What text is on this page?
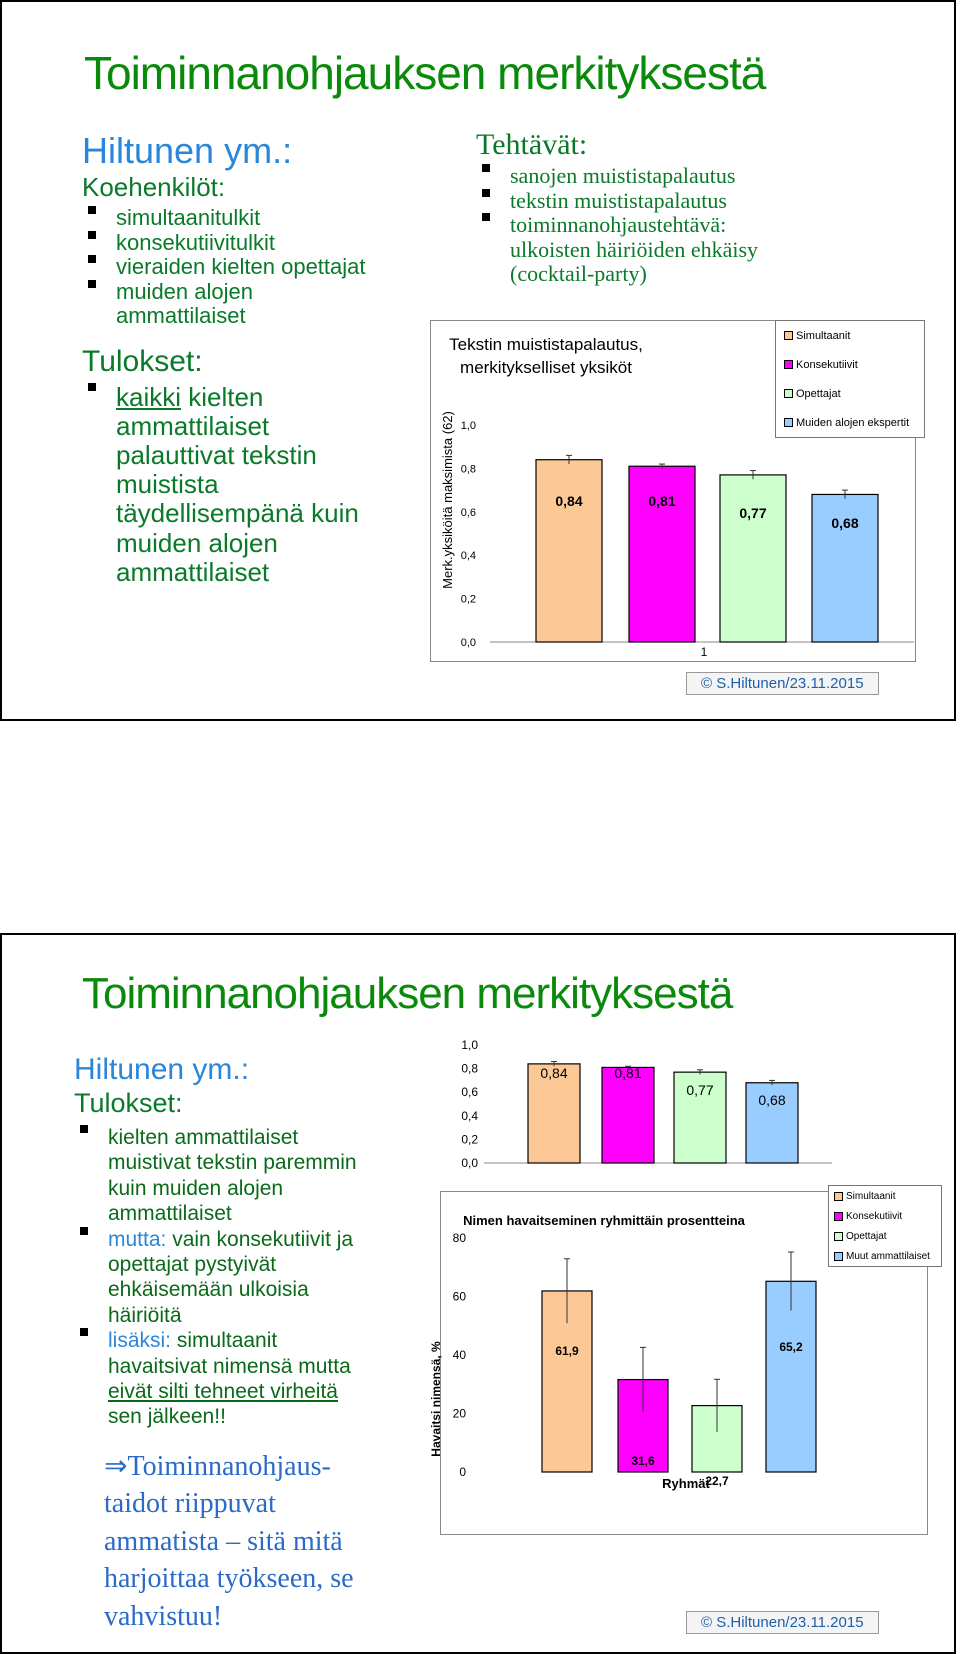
Toiminnanohjauksen merkityksestä
Hiltunen ym.:
Koehenkilöt:
simultaanitulkit
konsekutiivitulkit
vieraiden kielten opettajat
muiden alojen
ammattilaiset
Tulokset:
kaikki kielten
ammattilaiset
palauttivat tekstin
muistista
täydellisempänä kuin
muiden alojen
ammattilaiset
Tehtävät:
sanojen muististapalautus
tekstin muististapalautus
toiminnanohjaustehtävä:
ulkoisten häiriöiden ehkäisy
(cocktail-party)
Tekstin muististapalautus,
merkitykselliset yksiköt
Merk.yksiköitä maksimista (62)
1
0,0
0,2
0,4
0,6
0,8
1,0
0,84	0,81
0,77
0,68
Simultaanit
Konsekutiivit
Opettajat
Muiden alojen ekspertit
© S.Hiltunen/23.11.2015
Toiminnanohjauksen merkityksestä
Hiltunen ym.:
Tulokset:
kielten ammattilaiset
muistivat tekstin paremmin
kuin muiden alojen
ammattilaiset
mutta: vain konsekutiivit ja
opettajat pystyivät
ehkäisemään ulkoisia
häiriöitä
lisäksi: simultaanit
havaitsivat nimensä mutta
eivät silti tehneet virheitä
sen jälkeen!!
⇒Toiminnanohjaus-
taidot riippuvat
ammatista – sitä mitä
harjoittaa työkseen, se
vahvistuu!
0,0
0,2
0,4
0,6
0,8
1,0
0,84	0,81
0,77
0,68
Nimen havaitseminen ryhmittäin prosentteina
Havaitsi nimensä, %
Ryhmät
0
20
40
60
80
61,9
31,6
22,7
65,2
Simultaanit
Konsekutiivit
Opettajat
Muut ammattilaiset
© S.Hiltunen/23.11.2015
